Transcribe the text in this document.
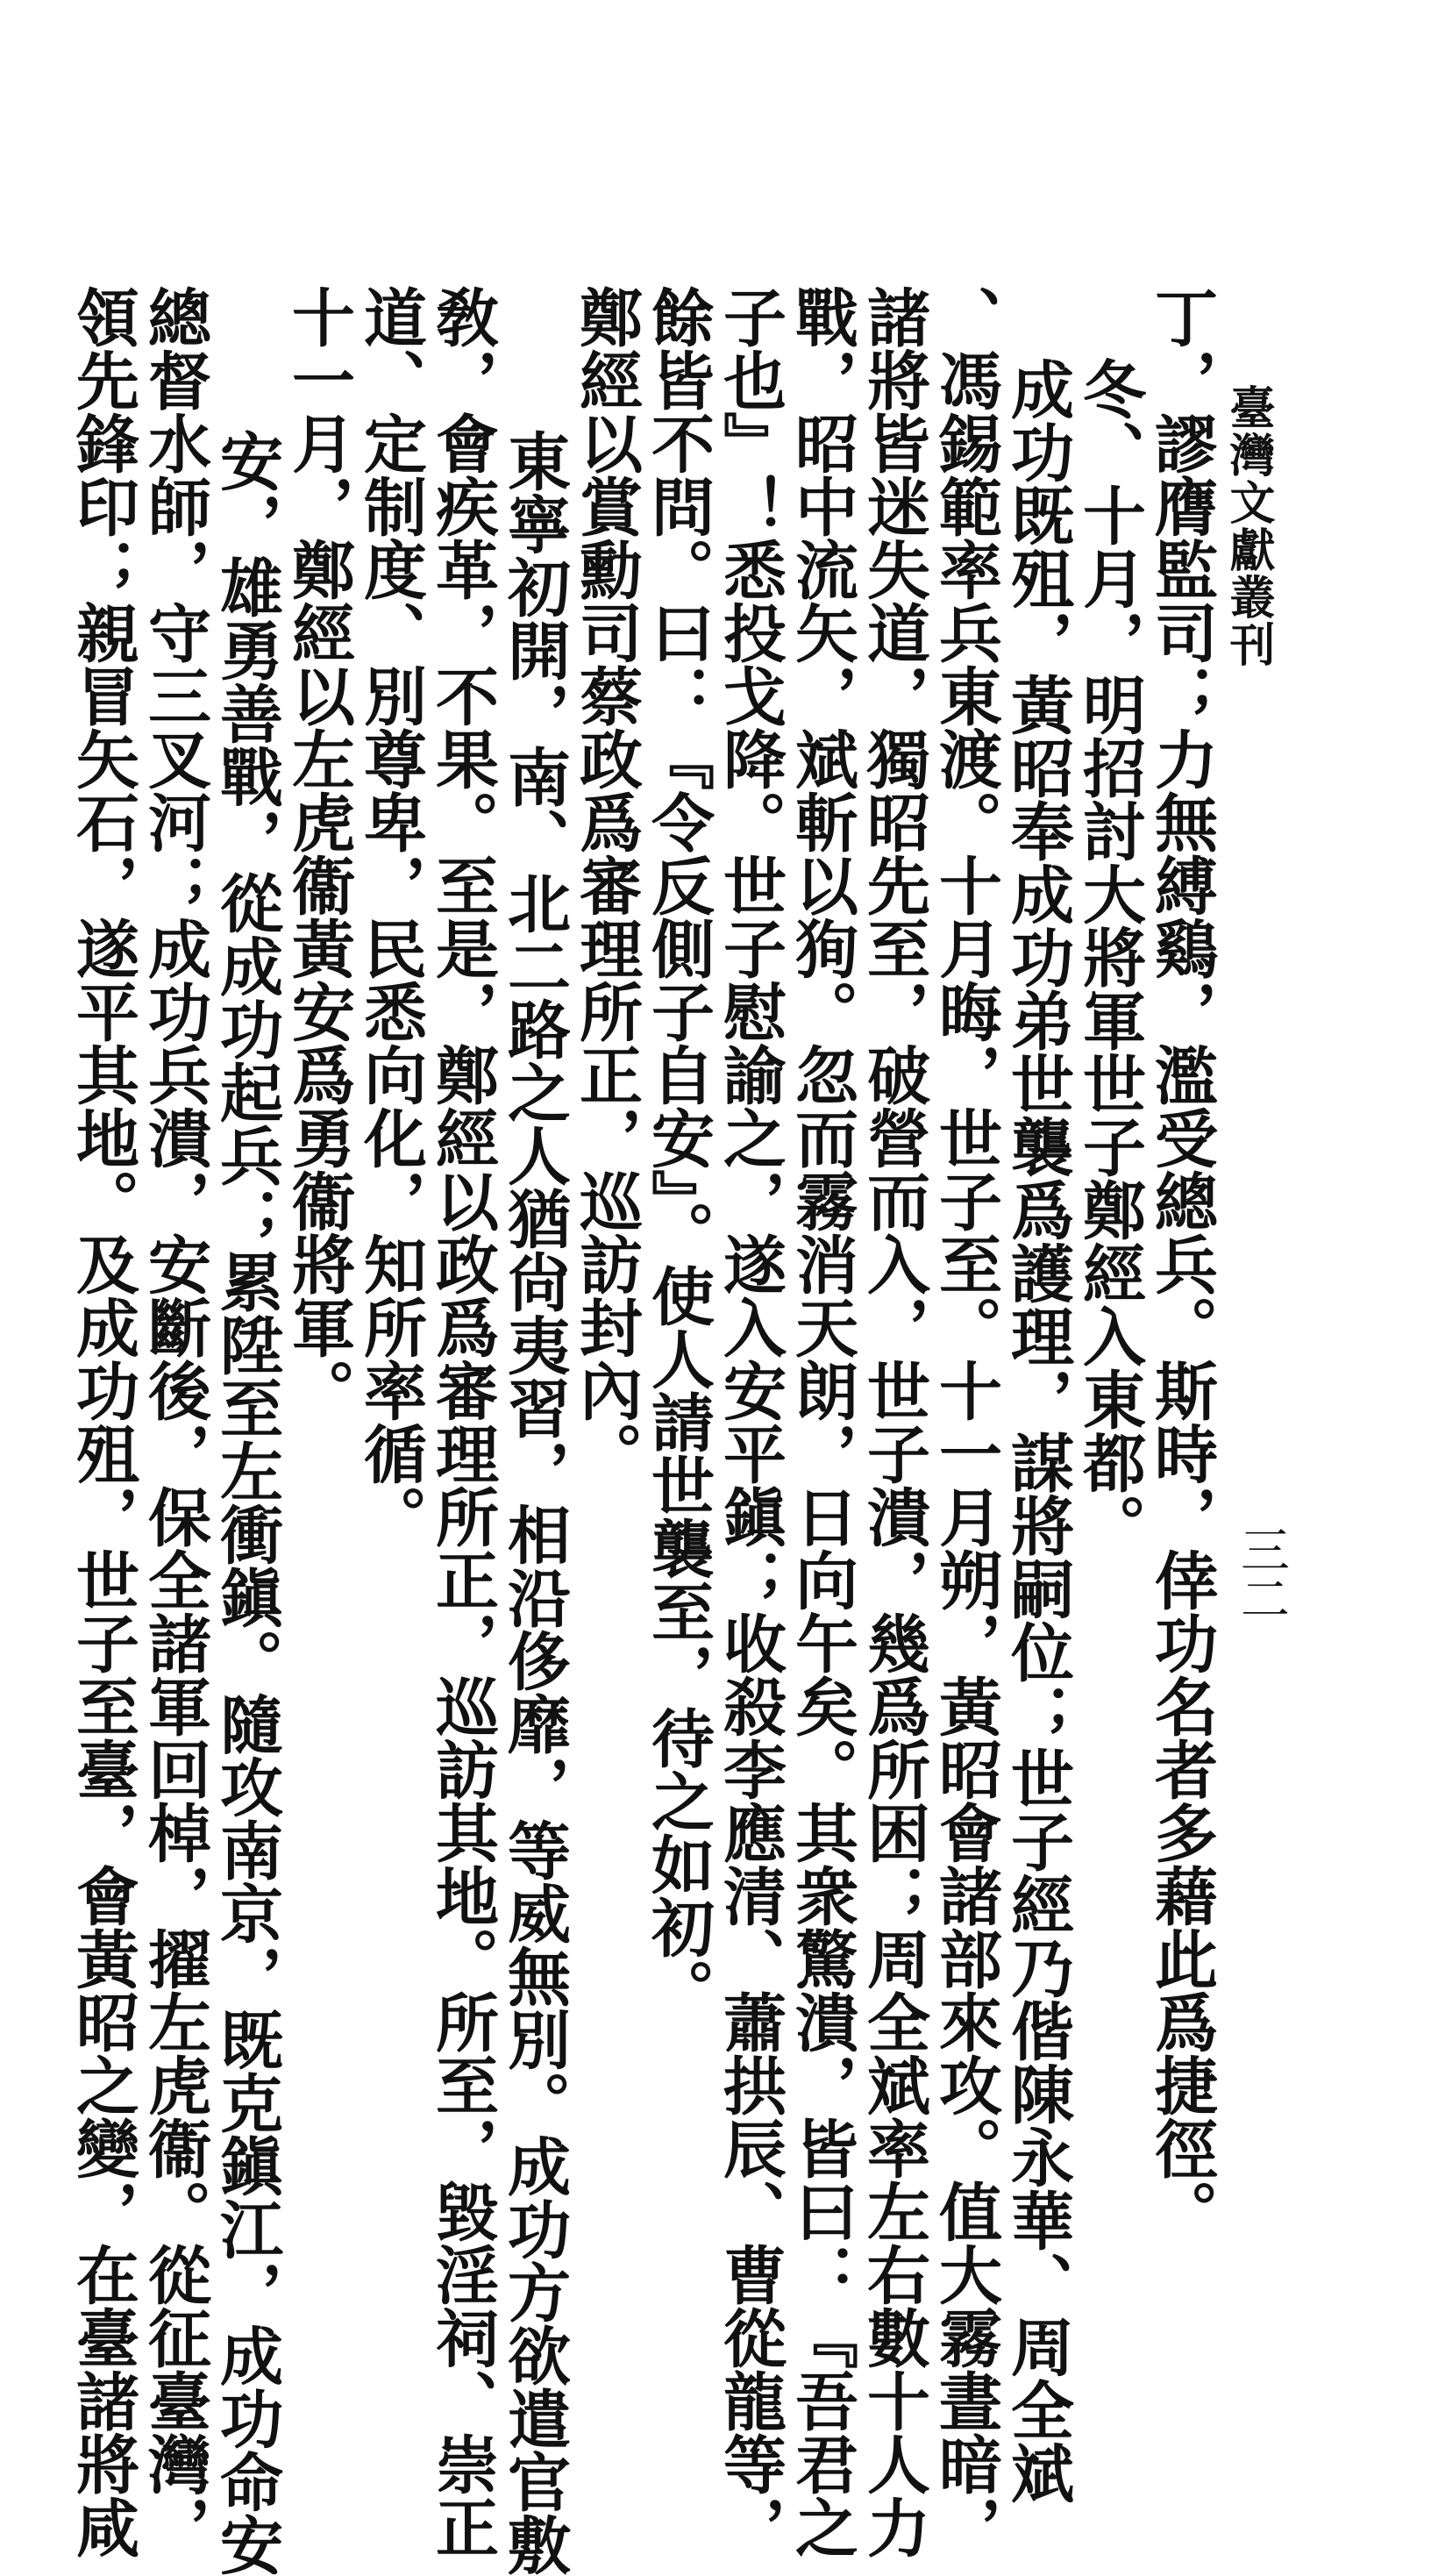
臺灣文獻叢刊
三二
丁，謬膺監司；力無縛鷄，濫受總兵。斯時，倖功名者多藉此爲捷徑。
冬、十月，明招討大將軍世子鄭經入東都。
成功既殂，黃昭奉成功弟世襲爲護理，謀將嗣位；世子經乃偕陳永華、周全斌
、馮錫範率兵東渡。十月晦，世子至。十一月朔，黃昭會諸部來攻。值大霧晝暗，
諸將皆迷失道，獨昭先至，破營而入，世子潰，幾爲所困；周全斌率左右數十人力
戰，昭中流矢，斌斬以狥。忽而霧消天朗，日向午矣。其衆驚潰，皆曰：『吾君之
子也』！悉投戈降。世子慰諭之，遂入安平鎭；收殺李應清、蕭拱辰、曹從龍等，
餘皆不問。曰：『令反側子自安』。使人請世襲至，待之如初。
鄭經以賞勳司蔡政爲審理所正，巡訪封內。
東寧初開，南、北二路之人猶尙夷習，相沿侈靡，等威無別。成功方欲遣官敷
敎，會疾革，不果。至是，鄭經以政爲審理所正，巡訪其地。所至，毀淫祠、崇正
道、定制度、別尊卑，民悉向化，知所率循。
十一月，鄭經以左虎衞黃安爲勇衞將軍。
安，雄勇善戰，從成功起兵；累陞至左衝鎭。隨攻南京，既克鎭江，成功命安
總督水師，守三叉河；成功兵潰，安斷後，保全諸軍回棹，擢左虎衞。從征臺灣，
領先鋒印；親冒矢石，遂平其地。及成功殂，世子至臺，會黃昭之變，在臺諸將咸
